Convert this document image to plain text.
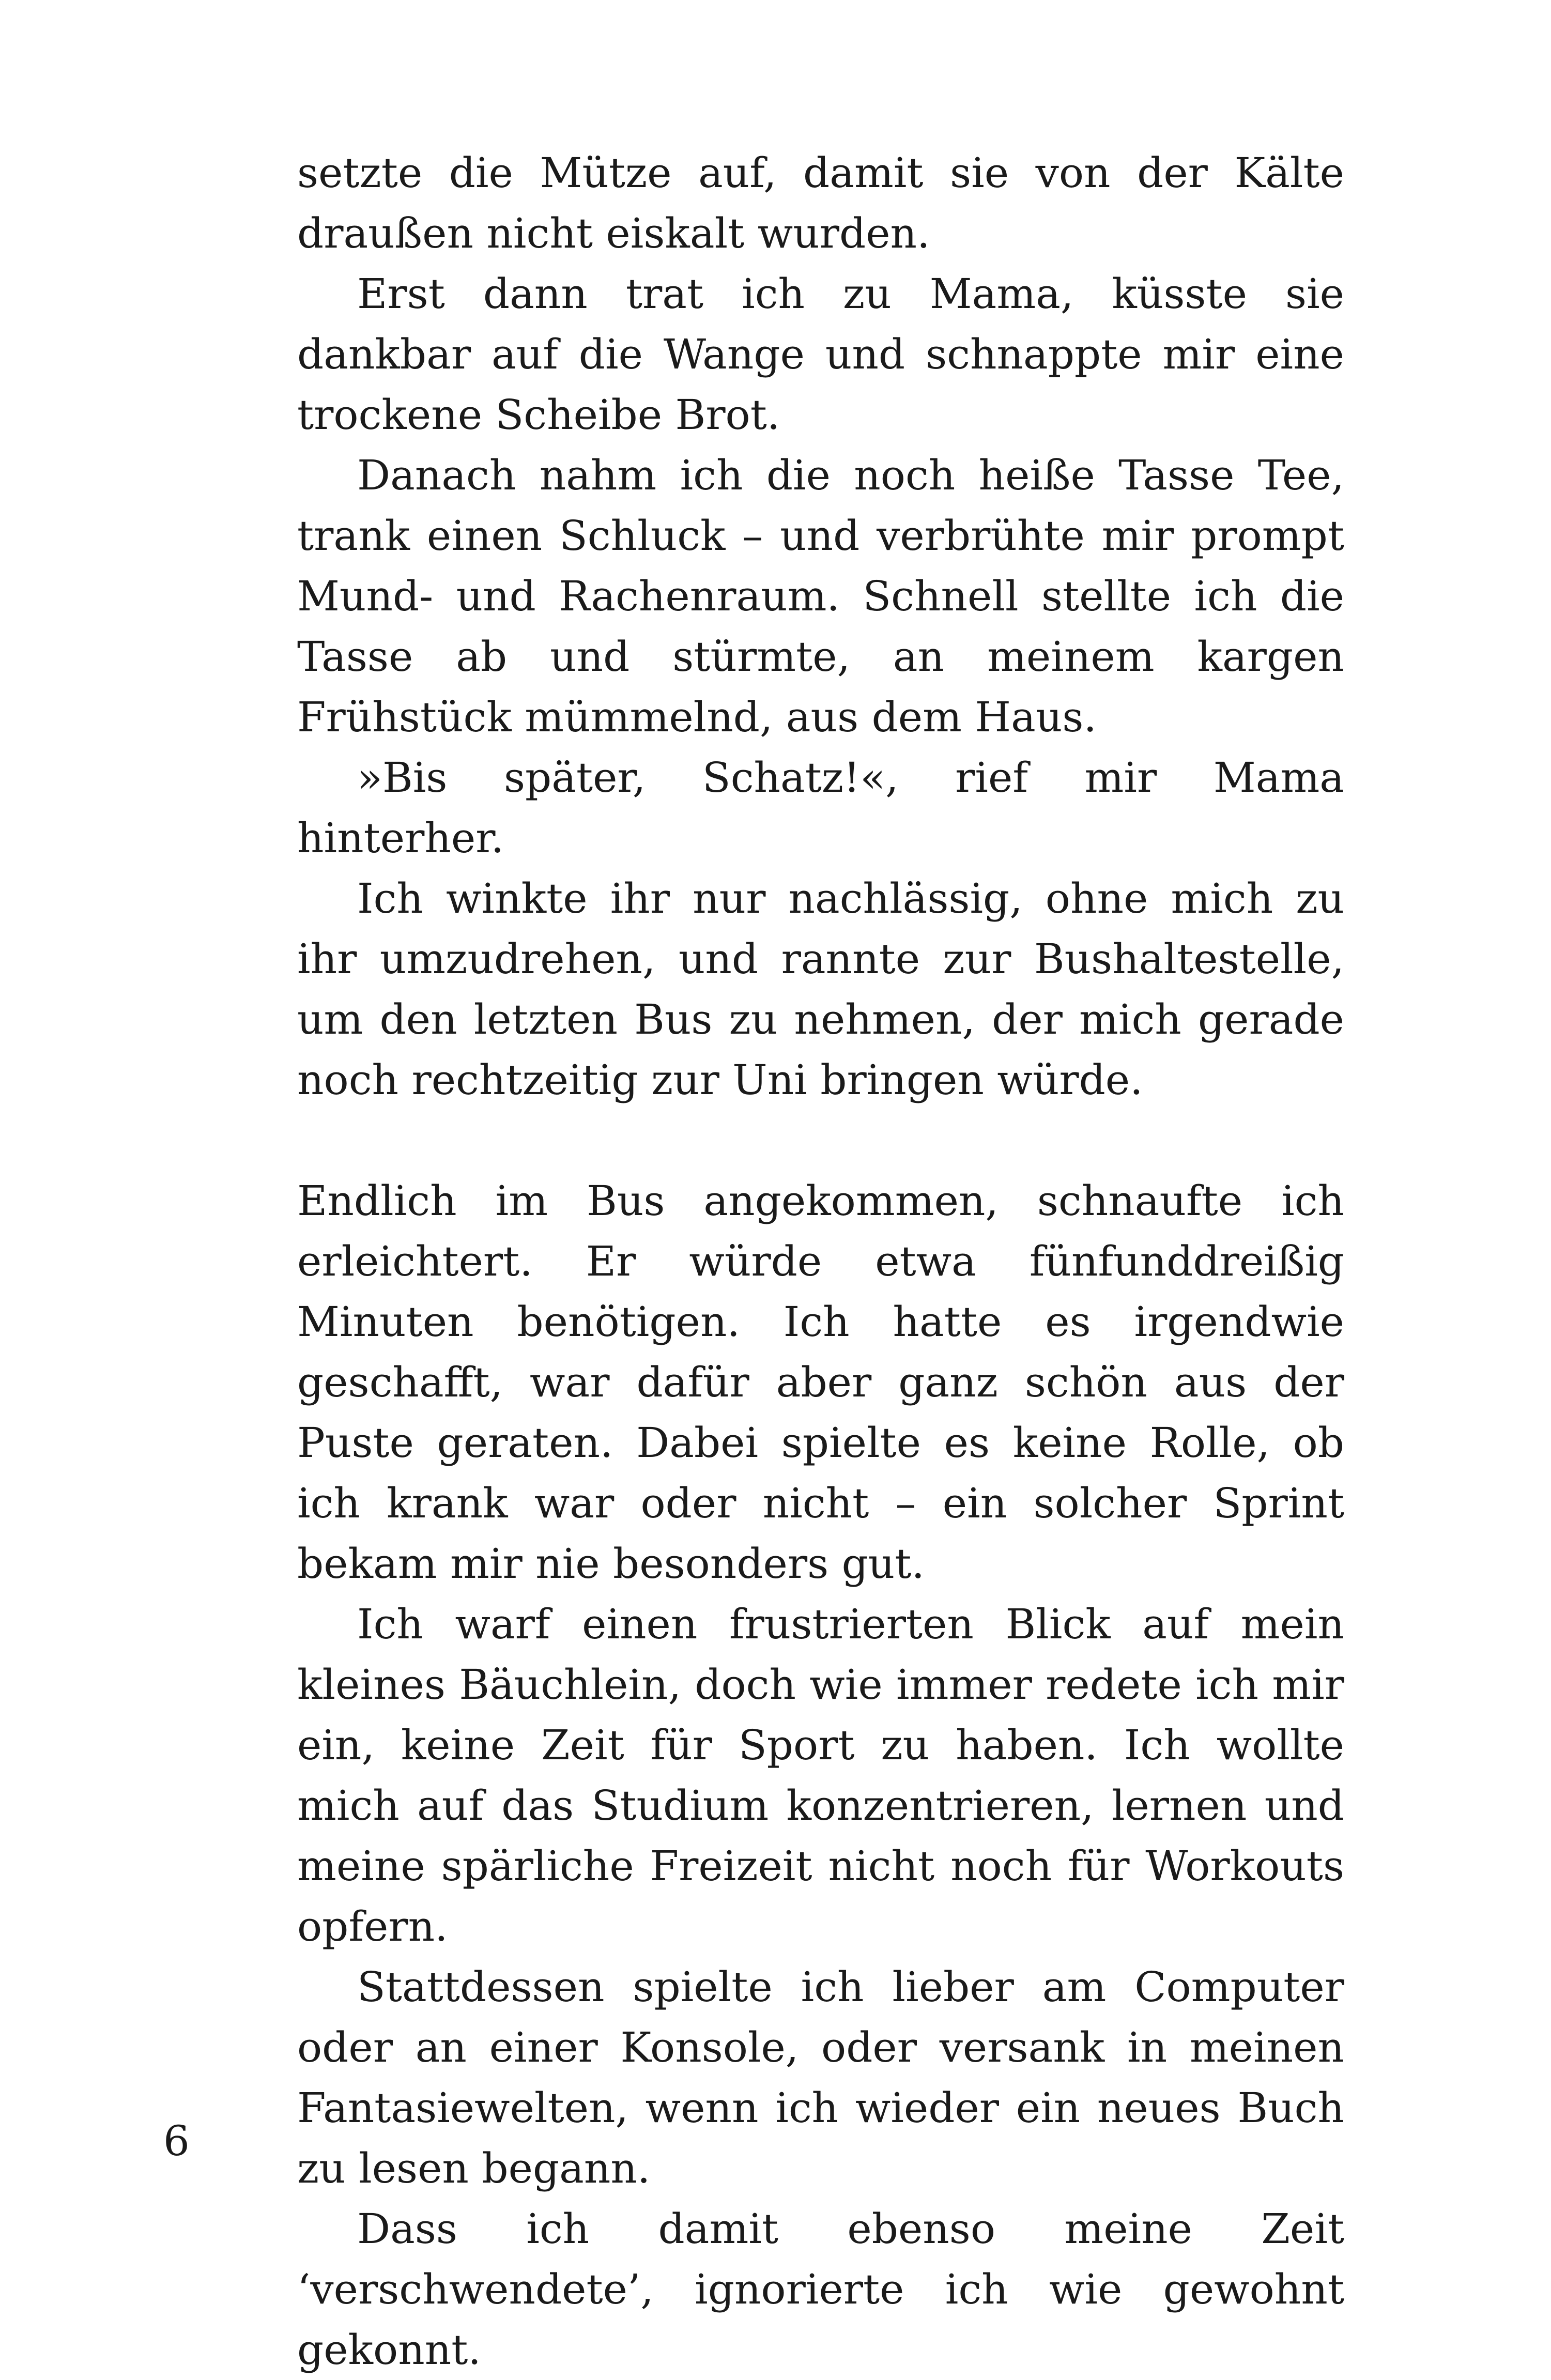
setzte die Mütze auf, damit sie von der Kälte draußen nicht eiskalt wurden.

Erst dann trat ich zu Mama, küsste sie dankbar auf die Wange und schnappte mir eine trockene Scheibe Brot.

Danach nahm ich die noch heiße Tasse Tee, trank einen Schluck – und verbrühte mir prompt Mund- und Rachenraum. Schnell stellte ich die Tasse ab und stürmte, an meinem kargen Frühstück mümmelnd, aus dem Haus.

»Bis später, Schatz!«, rief mir Mama hinterher.

Ich winkte ihr nur nachlässig, ohne mich zu ihr umzudrehen, und rannte zur Bushaltestelle, um den letzten Bus zu nehmen, der mich gerade noch rechtzeitig zur Uni bringen würde.

Endlich im Bus angekommen, schnaufte ich erleichtert. Er würde etwa fünfunddreißig Minuten benötigen. Ich hatte es irgendwie geschafft, war dafür aber ganz schön aus der Puste geraten. Dabei spielte es keine Rolle, ob ich krank war oder nicht – ein solcher Sprint bekam mir nie besonders gut.

Ich warf einen frustrierten Blick auf mein kleines Bäuchlein, doch wie immer redete ich mir ein, keine Zeit für Sport zu haben. Ich wollte mich auf das Studium konzentrieren, lernen und meine spärliche Freizeit nicht noch für Workouts opfern.

Stattdessen spielte ich lieber am Computer oder an einer Konsole, oder versank in meinen Fantasiewelten, wenn ich wieder ein neues Buch zu lesen begann.

Dass ich damit ebenso meine Zeit ‘verschwendete’, ignorierte ich wie gewohnt gekonnt.

6
